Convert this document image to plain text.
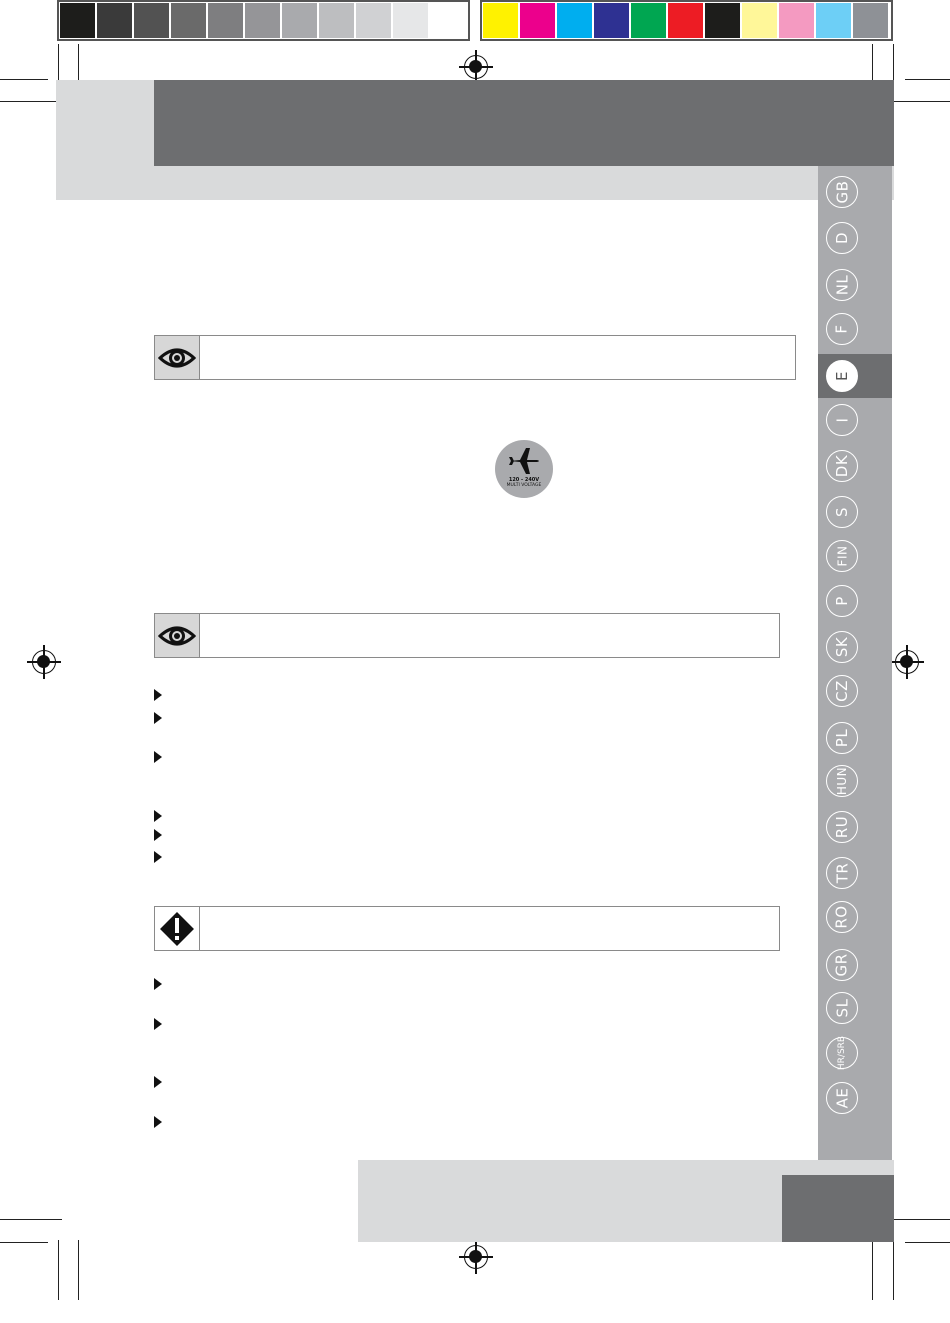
GB
D
NL
F
E
I
DK
S
FIN
P
SK
CZ
PL
HUN
RU
TR
RO
GR
SL
HR/SRB
AE
120 - 240V
MULTI VOLTAGE
